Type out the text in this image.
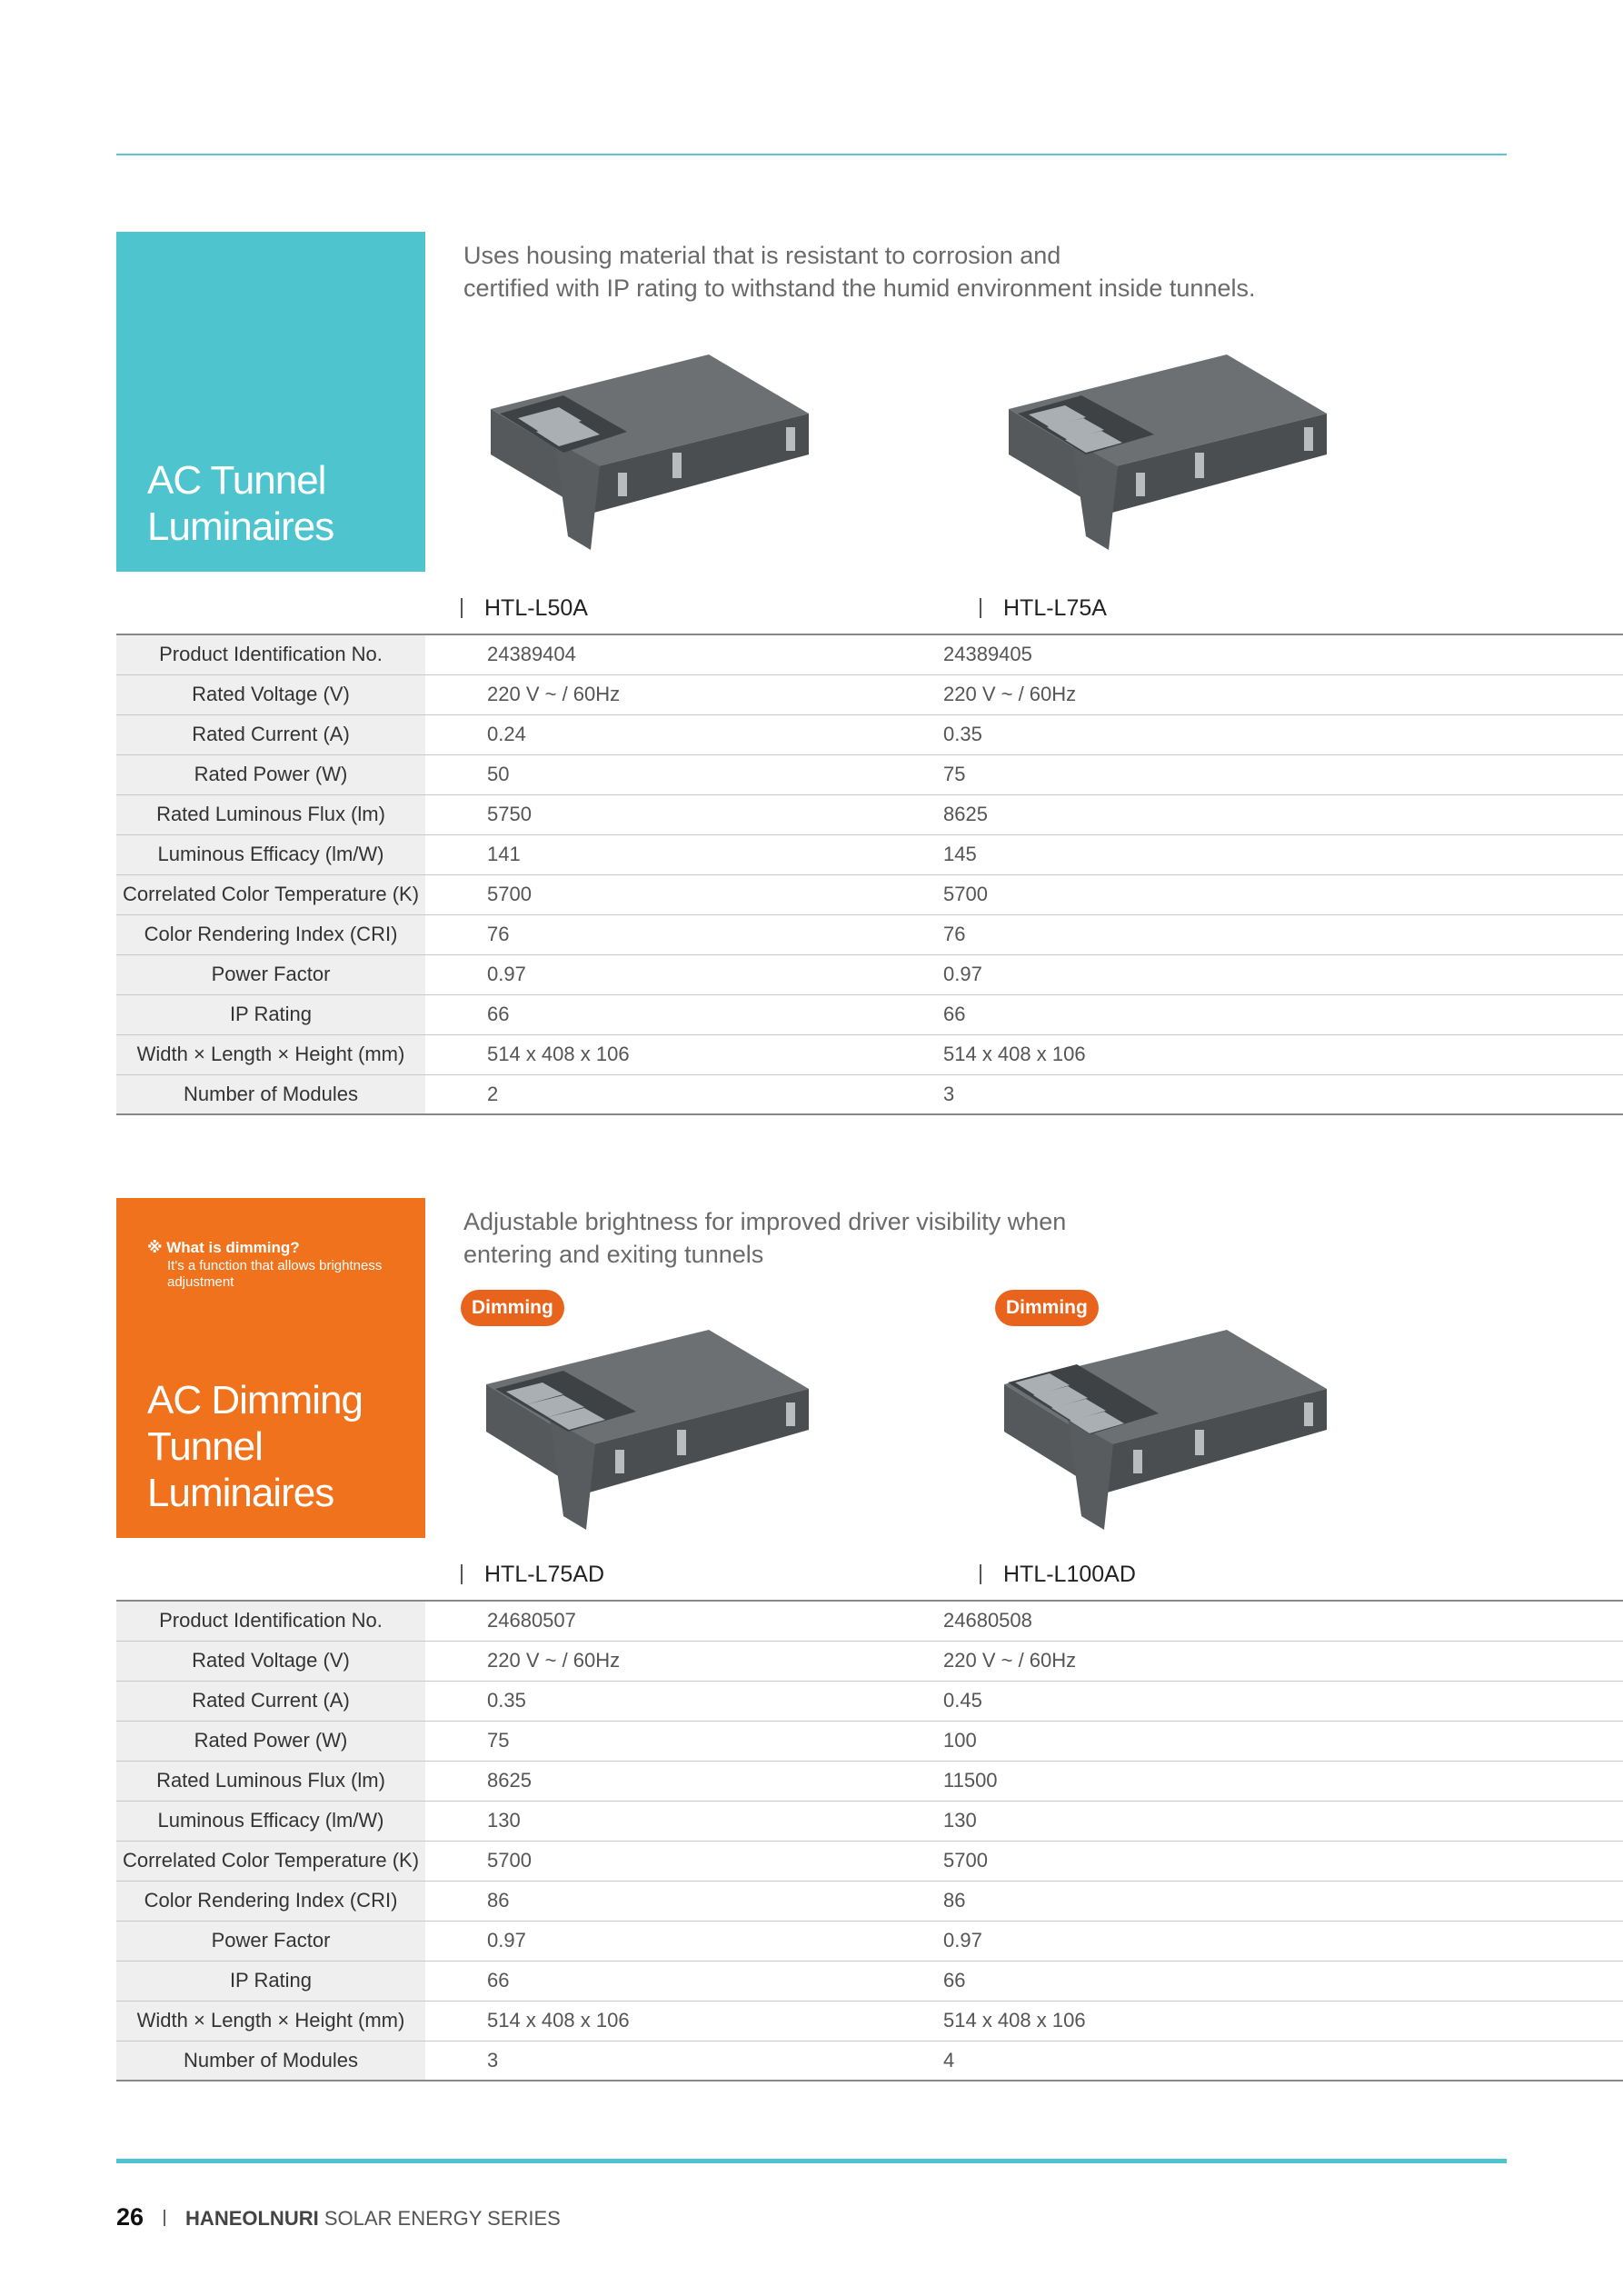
AC Tunnel
Luminaires

Uses housing material that is resistant to corrosion and
certified with IP rating to withstand the humid environment inside tunnels.

HTL-L50A	HTL-L75A
Product Identification No.	24389404	24389405
Rated Voltage (V)	220 V ~ / 60Hz	220 V ~ / 60Hz
Rated Current (A)	0.24	0.35
Rated Power (W)	50	75
Rated Luminous Flux (lm)	5750	8625
Luminous Efficacy (lm/W)	141	145
Correlated Color Temperature (K)	5700	5700
Color Rendering Index (CRI)	76	76
Power Factor	0.97	0.97
IP Rating	66	66
Width × Length × Height (mm)	514 x 408 x 106	514 x 408 x 106
Number of Modules	2	3
※ What is dimming?
It's a function that allows brightness adjustment
AC Dimming
Tunnel
Luminaires

Adjustable brightness for improved driver visibility when
entering and exiting tunnels

Dimming	Dimming
HTL-L75AD	HTL-L100AD
Product Identification No.	24680507	24680508
Rated Voltage (V)	220 V ~ / 60Hz	220 V ~ / 60Hz
Rated Current (A)	0.35	0.45
Rated Power (W)	75	100
Rated Luminous Flux (lm)	8625	11500
Luminous Efficacy (lm/W)	130	130
Correlated Color Temperature (K)	5700	5700
Color Rendering Index (CRI)	86	86
Power Factor	0.97	0.97
IP Rating	66	66
Width × Length × Height (mm)	514 x 408 x 106	514 x 408 x 106
Number of Modules	3	4
26 HANEOLNURI SOLAR ENERGY SERIES
